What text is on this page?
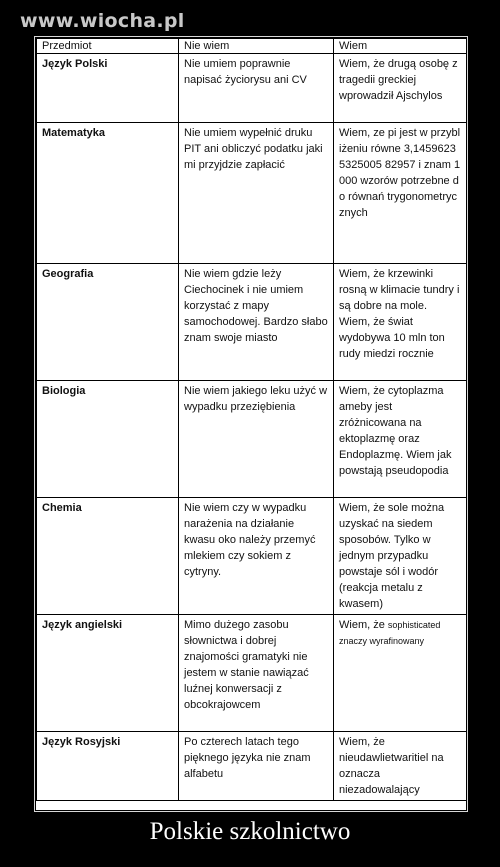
www.wiocha.pl
Przedmiot	Nie wiem	Wiem
Język Polski	Nie umiem poprawnie napisać życiorysu ani CV	Wiem, że drugą osobę z tragedii greckiej wprowadził Ajschylos
Matematyka	Nie umiem wypełnić druku PIT ani obliczyć podatku jaki mi przyjdzie zapłacić	Wiem, ze pi jest w przybliżeniu równe 3,14596235325005 82957 i znam 1000 wzorów potrzebne do równań trygonometrycznych
Geografia	Nie wiem gdzie leży Ciechocinek i nie umiem korzystać z mapy samochodowej. Bardzo słabo znam swoje miasto	Wiem, że krzewinki rosną w klimacie tundry i są dobre na mole. Wiem, że świat wydobywa 10 mln ton rudy miedzi rocznie
Biologia	Nie wiem jakiego leku użyć w wypadku przeziębienia	Wiem, że cytoplazma ameby jest zróżnicowana na ektoplazmę oraz Endoplazmę. Wiem jak powstają pseudopodia
Chemia	Nie wiem czy w wypadku narażenia na działanie kwasu oko należy przemyć mlekiem czy sokiem z cytryny.	Wiem, że sole można uzyskać na siedem sposobów. Tylko w jednym przypadku powstaje sól i wodór (reakcja metalu z kwasem)
Język angielski	Mimo dużego zasobu słownictwa i dobrej znajomości gramatyki nie jestem w stanie nawiązać luźnej konwersacji z obcokrajowcem	Wiem, że sophisticated znaczy wyrafinowany
Język Rosyjski	Po czterech latach tego pięknego języka nie znam alfabetu	Wiem, że nieudawlietwaritiel na oznacza niezadowalający
Polskie szkolnictwo
